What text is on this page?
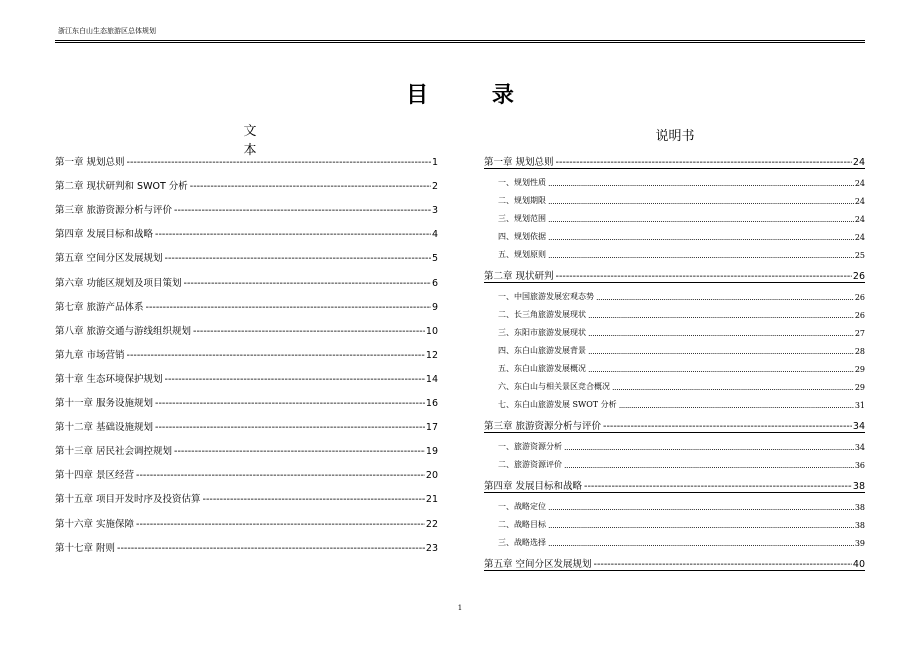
浙江东白山生态旅游区总体规划
目 录
文 本
说明书
第一章 规划总则 -----	1
第二章 现状研判和 SWOT 分析 -----	2
第三章 旅游资源分析与评价 -----	3
第四章 发展目标和战略 -----	4
第五章 空间分区发展规划 -----	5
第六章 功能区规划及项目策划 -----	6
第七章 旅游产品体系 -----	9
第八章 旅游交通与游线组织规划 -----	10
第九章 市场营销 -----	12
第十章 生态环境保护规划 -----	14
第十一章 服务设施规划 -----	16
第十二章 基础设施规划 -----	17
第十三章 居民社会调控规划 -----	19
第十四章 景区经营 -----	20
第十五章 项目开发时序及投资估算 -----	21
第十六章 实施保障 -----	22
第十七章 附则 -----	23
第一章 规划总则 -----	24
一、规划性质 .....	24
二、规划期限 .....	24
三、规划范围 .....	24
四、规划依据 .....	24
五、规划原则 .....	25
第二章 现状研判 -----	26
一、中国旅游发展宏观态势 .....	26
二、长三角旅游发展现状 .....	26
三、东阳市旅游发展现状 .....	27
四、东白山旅游发展背景 .....	28
五、东白山旅游发展概况 .....	29
六、东白山与相关景区竞合概况 .....	29
七、东白山旅游发展 SWOT 分析 .....	31
第三章 旅游资源分析与评价 -----	34
一、旅游资源分析 .....	34
二、旅游资源评价 .....	36
第四章 发展目标和战略 -----	38
一、战略定位 .....	38
二、战略目标 .....	38
三、战略选择 .....	39
第五章 空间分区发展规划 -----	40
1
